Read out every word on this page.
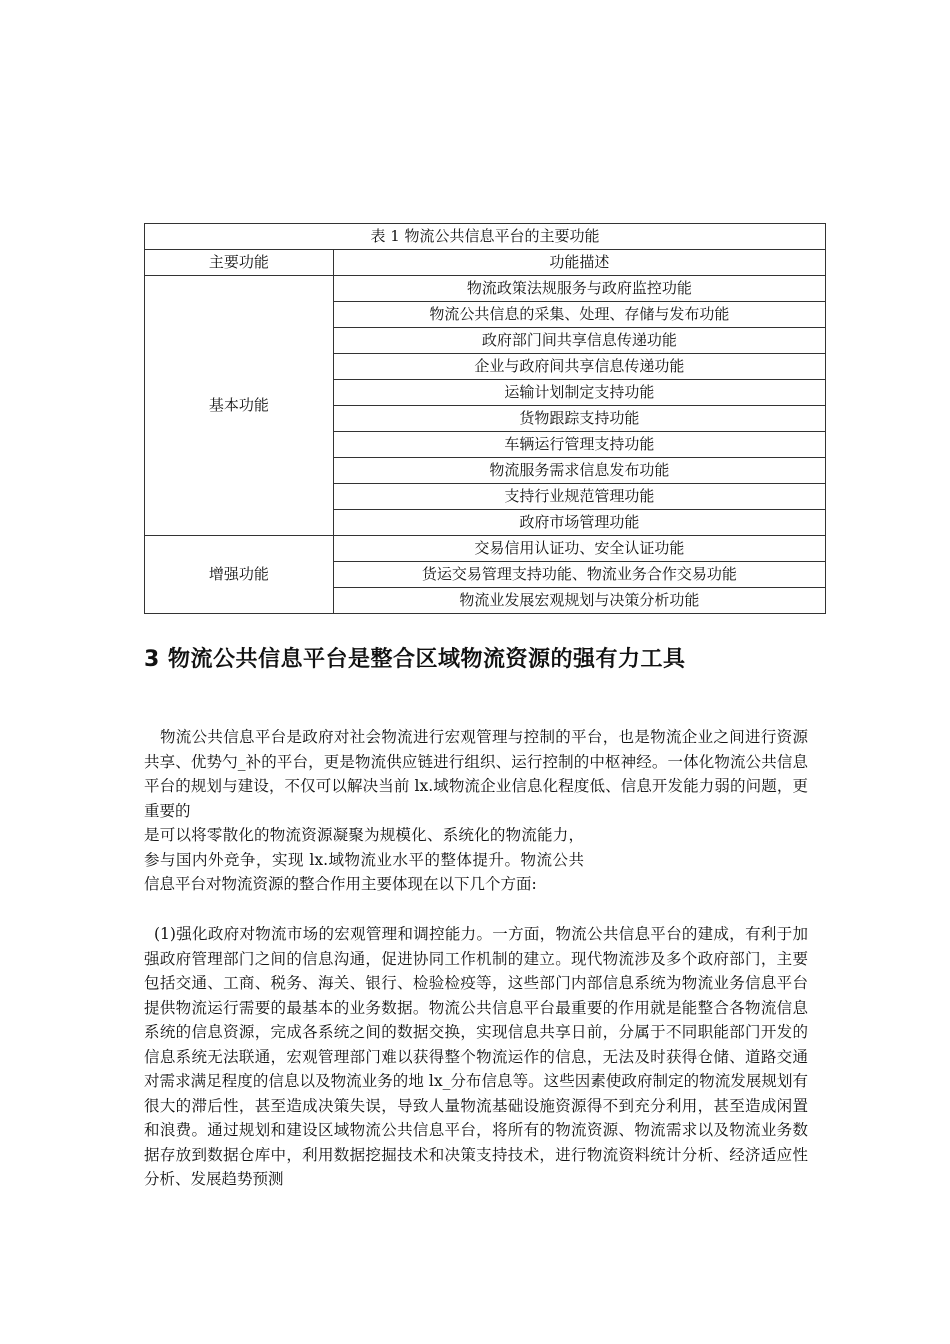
表 1 物流公共信息平台的主要功能	
主要功能	功能描述
基本功能	物流政策法规服务与政府监控功能
	物流公共信息的采集、处理、存储与发布功能
	政府部门间共享信息传递功能
	企业与政府间共享信息传递功能
	运输计划制定支持功能
	货物跟踪支持功能
	车辆运行管理支持功能
	物流服务需求信息发布功能
	支持行业规范管理功能
	政府市场管理功能
增强功能	交易信用认证功、安全认证功能
	货运交易管理支持功能、物流业务合作交易功能
	物流业发展宏观规划与决策分析功能
3 物流公共信息平台是整合区域物流资源的强有力工具

物流公共信息平台是政府对社会物流进行宏观管理与控制的平台，也是物流企业之间进行资源共享、优势勺_补的平台，更是物流供应链进行组织、运行控制的中枢神经。一体化物流公共信息平台的规划与建设，不仅可以解决当前 lx.域物流企业信息化程度低、信息开发能力弱的问题，更重要的

是可以将零散化的物流资源凝聚为规模化、系统化的物流能力，参与国内外竞争，实现 lx.域物流业水平的整体提升。物流公共信息平台对物流资源的整合作用主要体现在以下几个方面:

(1)强化政府对物流市场的宏观管理和调控能力。一方面，物流公共信息平台的建成，有利于加强政府管理部门之间的信息沟通，促进协同工作机制的建立。现代物流涉及多个政府部门，主要包括交通、工商、税务、海关、银行、检验检疫等，这些部门内部信息系统为物流业务信息平台提供物流运行需要的最基本的业务数据。物流公共信息平台最重要的作用就是能整合各物流信息系统的信息资源，完成各系统之间的数据交换，实现信息共享日前，分属于不同职能部门开发的信息系统无法联通，宏观管理部门难以获得整个物流运作的信息，无法及时获得仓储、道路交通对需求满足程度的信息以及物流业务的地 lx_分布信息等。这些因素使政府制定的物流发展规划有很大的滞后性，甚至造成决策失误，导致人量物流基础设施资源得不到充分利用，甚至造成闲置和浪费。通过规划和建设区域物流公共信息平台，将所有的物流资源、物流需求以及物流业务数据存放到数据仓库中，利用数据挖掘技术和决策支持技术，进行物流资料统计分析、经济适应性分析、发展趋势预测
